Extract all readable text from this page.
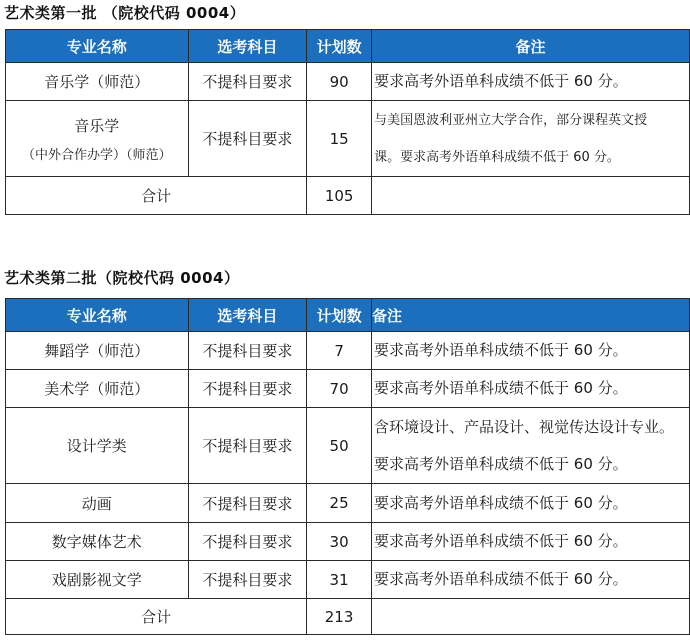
艺术类第一批 （院校代码 0004）
专业名称	选考科目	计划数	备注
音乐学（师范）	不提科目要求	90	要求高考外语单科成绩不低于 60 分。

音乐学
（中外合作办学）（师范）	不提科目要求	15	与美国恩波利亚州立大学合作，部分课程英文授
课。要求高考外语单科成绩不低于 60 分。

合计		105	
艺术类第二批（院校代码 0004）
专业名称	选考科目	计划数	备注
舞蹈学（师范）	不提科目要求	7	要求高考外语单科成绩不低于 60 分。
美术学（师范）	不提科目要求	70	要求高考外语单科成绩不低于 60 分。
设计学类	不提科目要求	50	含环境设计、产品设计、视觉传达设计专业。
要求高考外语单科成绩不低于 60 分。

动画	不提科目要求	25	要求高考外语单科成绩不低于 60 分。
数字媒体艺术	不提科目要求	30	要求高考外语单科成绩不低于 60 分。
戏剧影视文学	不提科目要求	31	要求高考外语单科成绩不低于 60 分。
合计		213	
